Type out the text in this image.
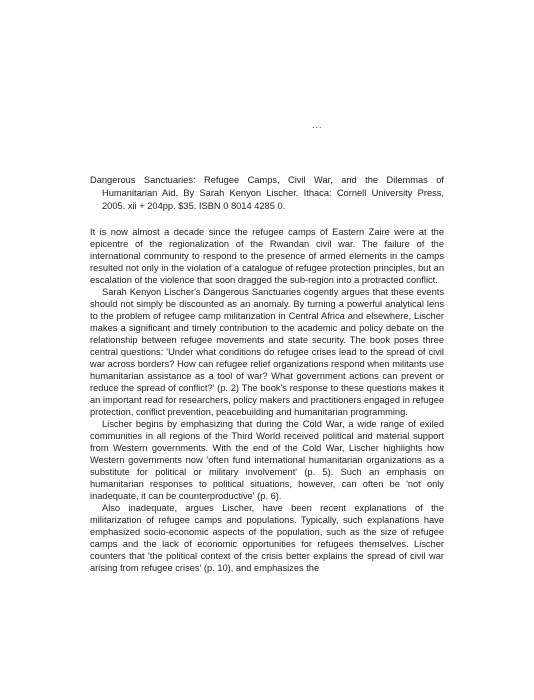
...

Dangerous Sanctuaries: Refugee Camps, Civil War, and the Dilemmas of Humanitarian Aid. By Sarah Kenyon Lischer. Ithaca: Cornell University Press, 2005. xii + 204pp. $35. ISBN 0 8014 4285 0.

It is now almost a decade since the refugee camps of Eastern Zaire were at the epicentre of the regionalization of the Rwandan civil war. The failure of the international community to respond to the presence of armed elements in the camps resulted not only in the violation of a catalogue of refugee protection principles, but an escalation of the violence that soon dragged the sub-region into a protracted conflict.

Sarah Kenyon Lischer's Dangerous Sanctuaries cogently argues that these events should not simply be discounted as an anomaly. By turning a powerful analytical lens to the problem of refugee camp militarization in Central Africa and elsewhere, Lischer makes a significant and timely contribution to the academic and policy debate on the relationship between refugee movements and state security. The book poses three central questions: 'Under what conditions do refugee crises lead to the spread of civil war across borders? How can refugee relief organizations respond when militants use humanitarian assistance as a tool of war? What government actions can prevent or reduce the spread of conflict?' (p. 2) The book's response to these questions makes it an important read for researchers, policy makers and practitioners engaged in refugee protection, conflict prevention, peacebuilding and humanitarian programming.

Lischer begins by emphasizing that during the Cold War, a wide range of exiled communities in all regions of the Third World received political and material support from Western governments. With the end of the Cold War, Lischer highlights how Western governments now 'often fund international humanitarian organizations as a substitute for political or military involvement' (p. 5). Such an emphasis on humanitarian responses to political situations, however, can often be 'not only inadequate, it can be counterproductive' (p. 6).

Also inadequate, argues Lischer, have been recent explanations of the militarization of refugee camps and populations. Typically, such explanations have emphasized socio-economic aspects of the population, such as the size of refugee camps and the lack of economic opportunities for refugees themselves. Lischer counters that 'the political context of the crisis better explains the spread of civil war arising from refugee crises' (p. 10), and emphasizes the
